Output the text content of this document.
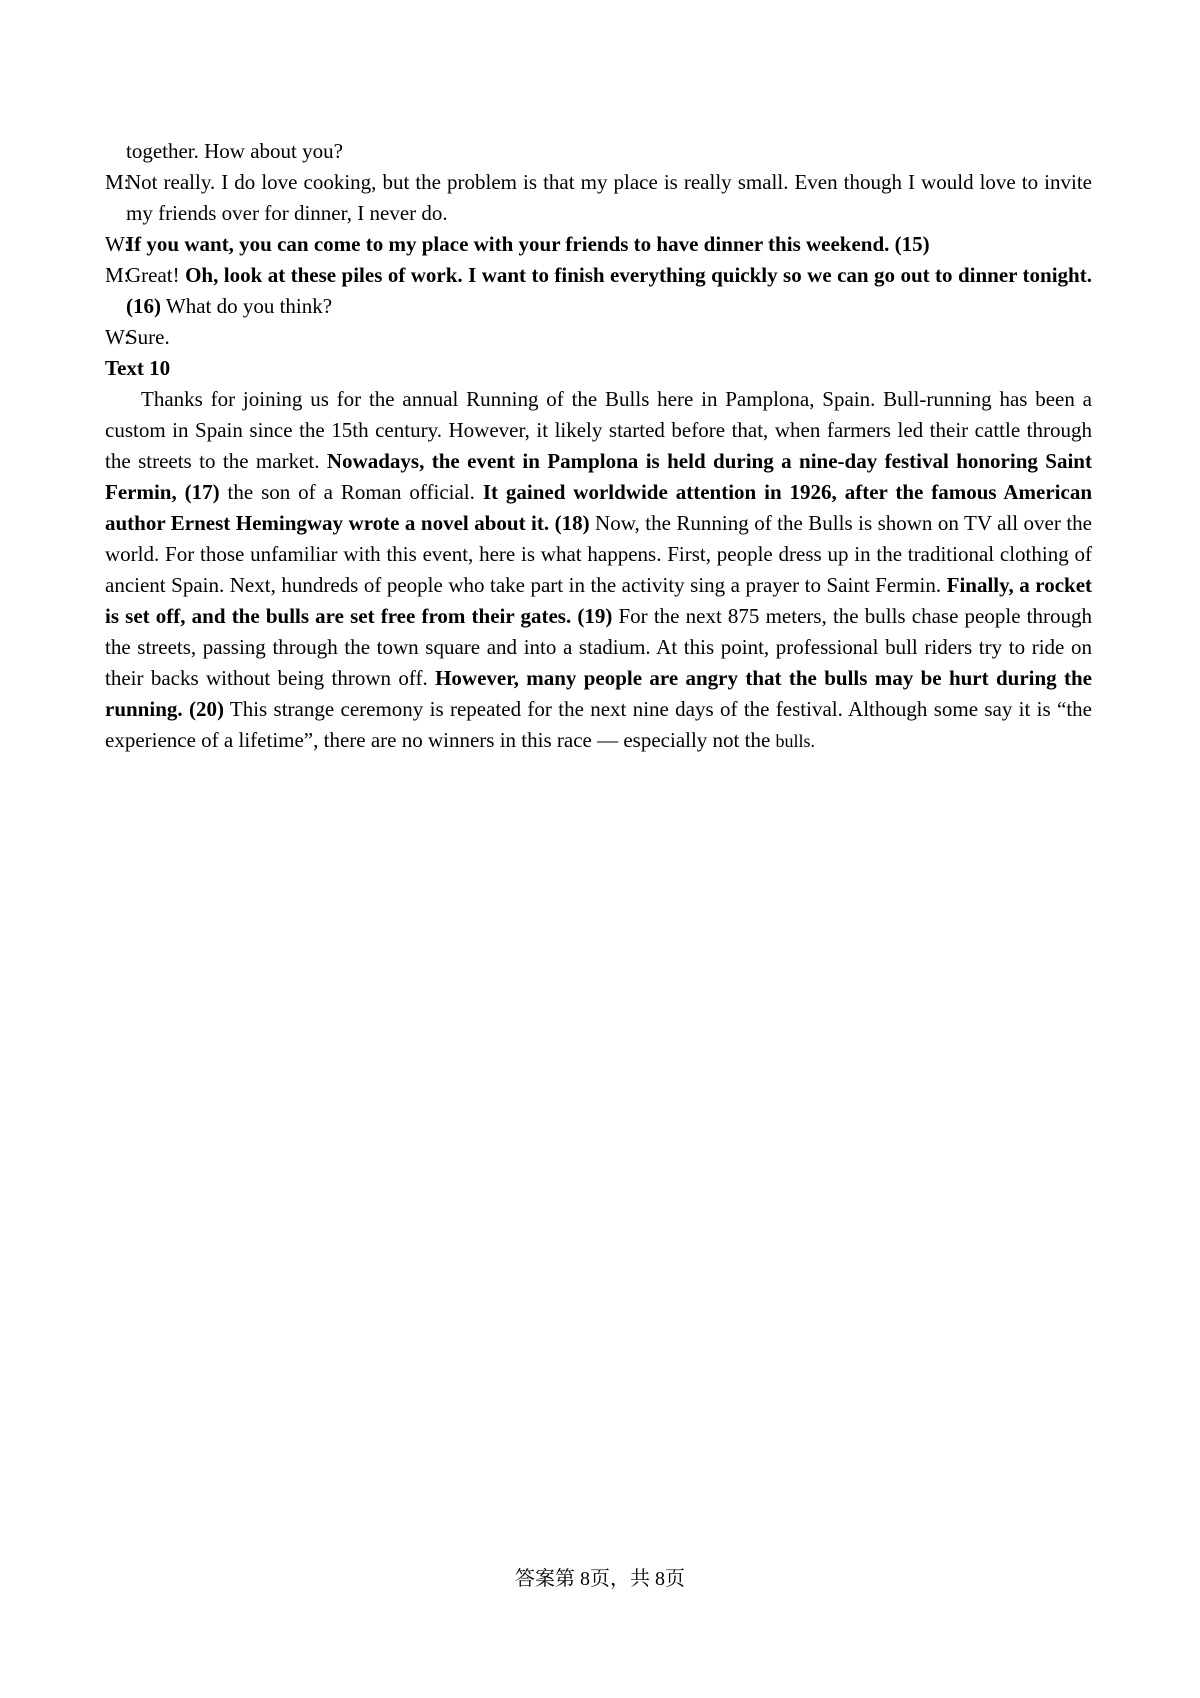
together. How about you?
M:
Not really. I do love cooking, but the problem is that my place is really small. Even though I would love to invite my friends over for dinner, I never do.
W:
If you want, you can come to my place with your friends to have dinner this weekend. (15)
M:
Great! Oh, look at these piles of work. I want to finish everything quickly so we can go out to dinner tonight. (16) What do you think?
W:
Sure.
Text 10

Thanks for joining us for the annual Running of the Bulls here in Pamplona, Spain. Bull-running has been a custom in Spain since the 15th century. However, it likely started before that, when farmers led their cattle through the streets to the market. Nowadays, the event in Pamplona is held during a nine-day festival honoring Saint Fermin, (17) the son of a Roman official. It gained worldwide attention in 1926, after the famous American author Ernest Hemingway wrote a novel about it. (18) Now, the Running of the Bulls is shown on TV all over the world. For those unfamiliar with this event, here is what happens. First, people dress up in the traditional clothing of ancient Spain. Next, hundreds of people who take part in the activity sing a prayer to Saint Fermin. Finally, a rocket is set off, and the bulls are set free from their gates. (19) For the next 875 meters, the bulls chase people through the streets, passing through the town square and into a stadium. At this point, professional bull riders try to ride on their backs without being thrown off. However, many people are angry that the bulls may be hurt during the running. (20) This strange ceremony is repeated for the next nine days of the festival. Although some say it is “the experience of a lifetime”, there are no winners in this race — especially not the bulls.

答案第 8页，共 8页
